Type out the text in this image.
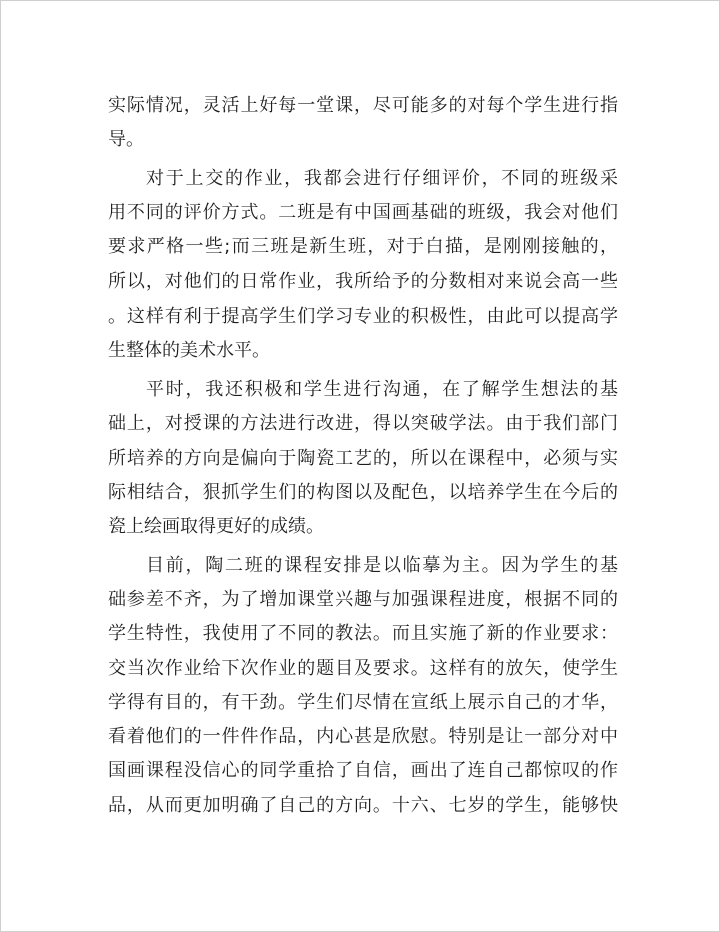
实际情况，灵活上好每一堂课，尽可能多的对每个学生进行指
导。
对于上交的作业，我都会进行仔细评价，不同的班级采
用不同的评价方式。二班是有中国画基础的班级，我会对他们
要求严格一些;而三班是新生班，对于白描，是刚刚接触的，
所以，对他们的日常作业，我所给予的分数相对来说会高一些
。这样有利于提高学生们学习专业的积极性，由此可以提高学
生整体的美术水平。
平时，我还积极和学生进行沟通，在了解学生想法的基
础上，对授课的方法进行改进，得以突破学法。由于我们部门
所培养的方向是偏向于陶瓷工艺的，所以在课程中，必须与实
际相结合，狠抓学生们的构图以及配色，以培养学生在今后的
瓷上绘画取得更好的成绩。
目前，陶二班的课程安排是以临摹为主。因为学生的基
础参差不齐，为了增加课堂兴趣与加强课程进度，根据不同的
学生特性，我使用了不同的教法。而且实施了新的作业要求：
交当次作业给下次作业的题目及要求。这样有的放矢，使学生
学得有目的，有干劲。学生们尽情在宣纸上展示自己的才华，
看着他们的一件件作品，内心甚是欣慰。特别是让一部分对中
国画课程没信心的同学重拾了自信，画出了连自己都惊叹的作
品，从而更加明确了自己的方向。十六、七岁的学生，能够快
